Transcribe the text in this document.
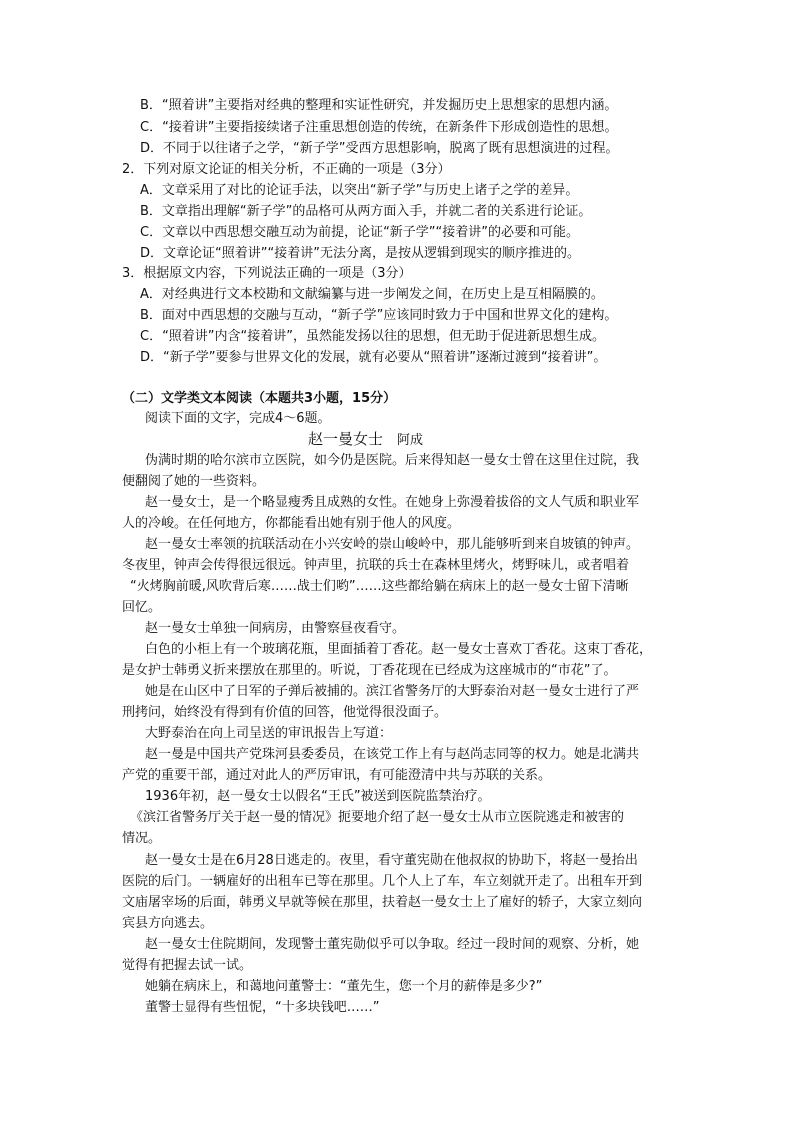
B．“照着讲”主要指对经典的整理和实证性研究，并发掘历史上思想家的思想内涵。
C．“接着讲”主要指接续诸子注重思想创造的传统，在新条件下形成创造性的思想。
D．不同于以往诸子之学，“新子学”受西方思想影响，脱离了既有思想演进的过程。
2．下列对原文论证的相关分析，不正确的一项是（3分）
A．文章采用了对比的论证手法，以突出“新子学”与历史上诸子之学的差异。
B．文章指出理解“新子学”的品格可从两方面入手，并就二者的关系进行论证。
C．文章以中西思想交融互动为前提，论证“新子学”“接着讲”的必要和可能。
D．文章论证“照着讲”“接着讲”无法分离，是按从逻辑到现实的顺序推进的。
3．根据原文内容，下列说法正确的一项是（3分）
A．对经典进行文本校勘和文献编纂与进一步阐发之间，在历史上是互相隔膜的。
B．面对中西思想的交融与互动，“新子学”应该同时致力于中国和世界文化的建构。
C．“照着讲”内含“接着讲”，虽然能发扬以往的思想，但无助于促进新思想生成。
D．“新子学”要参与世界文化的发展，就有必要从“照着讲”逐渐过渡到“接着讲”。
（二）文学类文本阅读（本题共3小题，15分）
阅读下面的文字，完成4～6题。
赵一曼女士 阿成
伪满时期的哈尔滨市立医院，如今仍是医院。后来得知赵一曼女士曾在这里住过院，我
便翻阅了她的一些资料。
赵一曼女士，是一个略显瘦秀且成熟的女性。在她身上弥漫着拔俗的文人气质和职业军
人的冷峻。在任何地方，你都能看出她有别于他人的风度。
赵一曼女士率领的抗联活动在小兴安岭的崇山峻岭中，那儿能够听到来自坡镇的钟声。
冬夜里，钟声会传得很远很远。钟声里，抗联的兵士在森林里烤火，烤野味儿，或者唱着
“火烤胸前暖,风吹背后寒……战士们哟”……这些都给躺在病床上的赵一曼女士留下清晰
回忆。
赵一曼女士单独一间病房，由警察昼夜看守。
白色的小柜上有一个玻璃花瓶，里面插着丁香花。赵一曼女士喜欢丁香花。这束丁香花，
是女护士韩勇义折来摆放在那里的。听说，丁香花现在已经成为这座城市的“市花”了。
她是在山区中了日军的子弹后被捕的。滨江省警务厅的大野泰治对赵一曼女士进行了严
刑拷问，始终没有得到有价值的回答，他觉得很没面子。
大野泰治在向上司呈送的审讯报告上写道：
赵一曼是中国共产党珠河县委委员，在该党工作上有与赵尚志同等的权力。她是北满共
产党的重要干部，通过对此人的严厉审讯，有可能澄清中共与苏联的关系。
1936年初，赵一曼女士以假名“王氏”被送到医院监禁治疗。
《滨江省警务厅关于赵一曼的情况》扼要地介绍了赵一曼女士从市立医院逃走和被害的
情况。
赵一曼女士是在6月28日逃走的。夜里，看守董宪勋在他叔叔的协助下，将赵一曼抬出
医院的后门。一辆雇好的出租车已等在那里。几个人上了车，车立刻就开走了。出租车开到
文庙屠宰场的后面，韩勇义早就等候在那里，扶着赵一曼女士上了雇好的轿子，大家立刻向
宾县方向逃去。
赵一曼女士住院期间，发现警士董宪勋似乎可以争取。经过一段时间的观察、分析，她
觉得有把握去试一试。
她躺在病床上，和蔼地问董警士：“董先生，您一个月的薪俸是多少?”
董警士显得有些忸怩，“十多块钱吧……”
